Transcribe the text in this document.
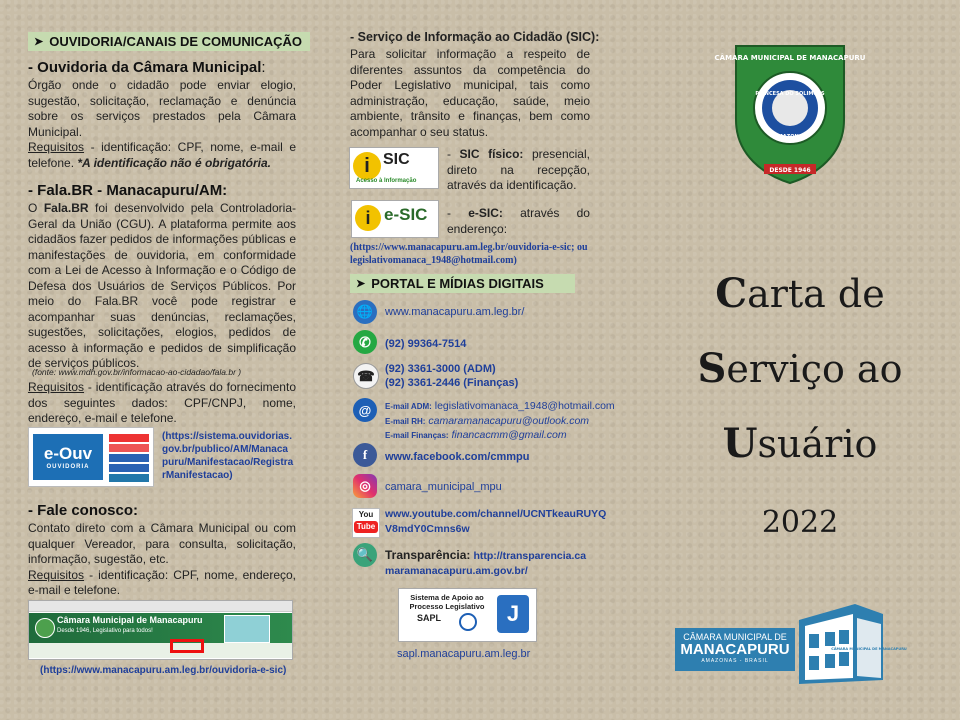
➤ OUVIDORIA/CANAIS DE COMUNICAÇÃO
- Ouvidoria da Câmara Municipal:
Órgão onde o cidadão pode enviar elogio, sugestão, solicitação, reclamação e denúncia sobre os serviços prestados pela Câmara Municipal.
Requisitos - identificação: CPF, nome, e-mail e telefone. *A identificação não é obrigatória.
- Fala.BR - Manacapuru/AM:
O Fala.BR foi desenvolvido pela Controladoria-Geral da União (CGU). A plataforma permite aos cidadãos fazer pedidos de informações públicas e manifestações de ouvidoria, em conformidade com a Lei de Acesso à Informação e o Código de Defesa dos Usuários de Serviços Públicos. Por meio do Fala.BR você pode registrar e acompanhar suas denúncias, reclamações, sugestões, solicitações, elogios, pedidos de acesso à informação e pedidos de simplificação de serviços públicos.
(fonte: www.mdh.gov.br/informacao-ao-cidadao/fala.br )
Requisitos - identificação através do fornecimento dos seguintes dados: CPF/CNPJ, nome, endereço, e-mail e telefone.
e-Ouv
OUVIDORIA
(https://sistema.ouvidorias.gov.br/publico/AM/Manacapuru/Manifestacao/RegistrarManifestacao)
- Fale conosco:
Contato direto com a Câmara Municipal ou com qualquer Vereador, para consulta, solicitação, informação, sugestão, etc.
Requisitos - identificação: CPF, nome, endereço, e-mail e telefone.
Câmara Municipal de Manacapuru
Desde 1946, Legislativo para todos!
(https://www.manacapuru.am.leg.br/ouvidoria-e-sic)
- Serviço de Informação ao Cidadão (SIC):
Para solicitar informação a respeito de diferentes assuntos da competência do Poder Legislativo municipal, tais como administração, educação, saúde, meio ambiente, trânsito e finanças, bem como acompanhar o seu status.
i SIC
Acesso à Informação
- SIC físico: presencial, direto na recepção, através da identificação.
i e-SIC - e-SIC: através do enderenço:
(https://www.manacapuru.am.leg.br/ouvidoria-e-sic; ou legislativomanaca_1948@hotmail.com)
➤ PORTAL E MÍDIAS DIGITAIS
🌐	www.manacapuru.am.leg.br/
✆	(92) 99364-7514
☎ (92) 3361-3000 (ADM)
(92) 3361-2446 (Finanças)
@	E-mail ADM: legislativomanaca_1948@hotmail.com
E-mail RH: camaramanacapuru@outlook.com
E-mail Finanças: financacmm@gmail.com
f	www.facebook.com/cmmpu
◎	camara_municipal_mpu
You
Tube
www.youtube.com/channel/UCNTkeauRUYQV8mdY0Cmns6w
🔍 Transparência: http://transparencia.camaramanacapuru.am.gov.br/
Sistema de Apoio ao Processo Legislativo
SAPL	J
sapl.manacapuru.am.leg.br
CÂMARA MUNICIPAL DE MANACAPURU
PRINCESA DO SOLIMÕES
AMAZONAS
DESDE 1946
Carta de
Serviço ao
Usuário
2022
CÂMARA MUNICIPAL DE
MANACAPURU
AMAZONAS - BRASIL
CÂMARA MUNICIPAL DE MANACAPURU
